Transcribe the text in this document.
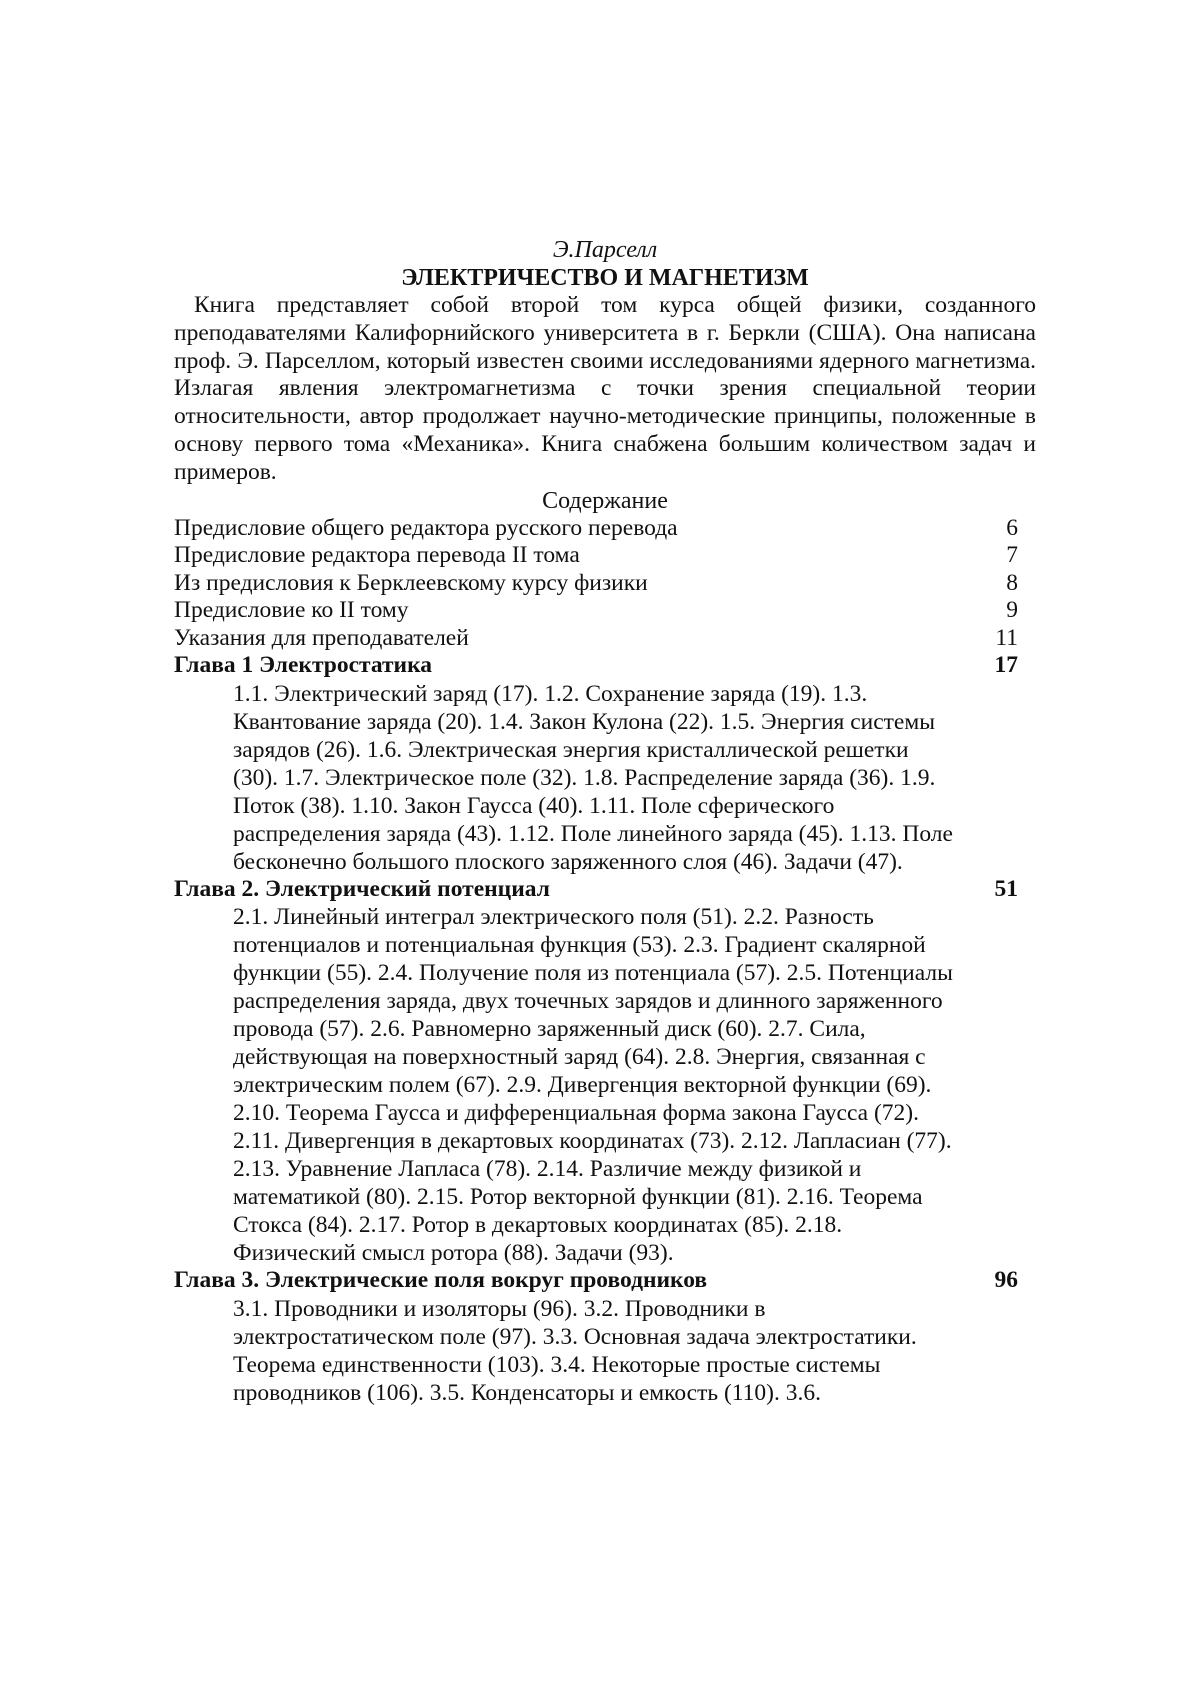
Э.Парселл
ЭЛЕКТРИЧЕСТВО И МАГНЕТИЗМ

Книга представляет собой второй том курса общей физики, созданного преподавателями Калифорнийского университета в г. Беркли (США). Она написана проф. Э. Парселлом, который известен своими исследованиями ядерного магнетизма. Излагая явления электромагнетизма с точки зрения специальной теории относительности, автор продолжает научно-методические принципы, положенные в основу первого тома «Механика». Книга снабжена большим количеством задач и примеров.

Содержание
Предисловие общего редактора русского перевода	6
Предисловие редактора перевода II тома	7
Из предисловия к Берклеевскому курсу физики	8
Предисловие ко II тому	9
Указания для преподавателей	11
Глава 1 Электростатика	17

1.1. Электрический заряд (17). 1.2. Сохранение заряда (19). 1.3. Квантование заряда (20). 1.4. Закон Кулона (22). 1.5. Энергия системы зарядов (26). 1.6. Электрическая энергия кристаллической решетки (30). 1.7. Электрическое поле (32). 1.8. Распределение заряда (36). 1.9. Поток (38). 1.10. Закон Гаусса (40). 1.11. Поле сферического распределения заряда (43). 1.12. Поле линейного заряда (45). 1.13. Поле бесконечно большого плоского заряженного слоя (46). Задачи (47).

Глава 2. Электрический потенциал	51

2.1. Линейный интеграл электрического поля (51). 2.2. Разность потенциалов и потенциальная функция (53). 2.3. Градиент скалярной функции (55). 2.4. Получение поля из потенциала (57). 2.5. Потенциалы распределения заряда, двух точечных зарядов и длинного заряженного провода (57). 2.6. Равномерно заряженный диск (60). 2.7. Сила, действующая на поверхностный заряд (64). 2.8. Энергия, связанная с электрическим полем (67). 2.9. Дивергенция векторной функции (69). 2.10. Теорема Гаусса и дифференциальная форма закона Гаусса (72). 2.11. Дивергенция в декартовых координатах (73). 2.12. Лапласиан (77). 2.13. Уравнение Лапласа (78). 2.14. Различие между физикой и математикой (80). 2.15. Ротор векторной функции (81). 2.16. Теорема Стокса (84). 2.17. Ротор в декартовых координатах (85). 2.18. Физический смысл ротора (88). Задачи (93).

Глава 3. Электрические поля вокруг проводников	96

3.1. Проводники и изоляторы (96). 3.2. Проводники в электростатическом поле (97). 3.3. Основная задача электростатики. Теорема единственности (103). 3.4. Некоторые простые системы проводников (106). 3.5. Конденсаторы и емкость (110). 3.6.
